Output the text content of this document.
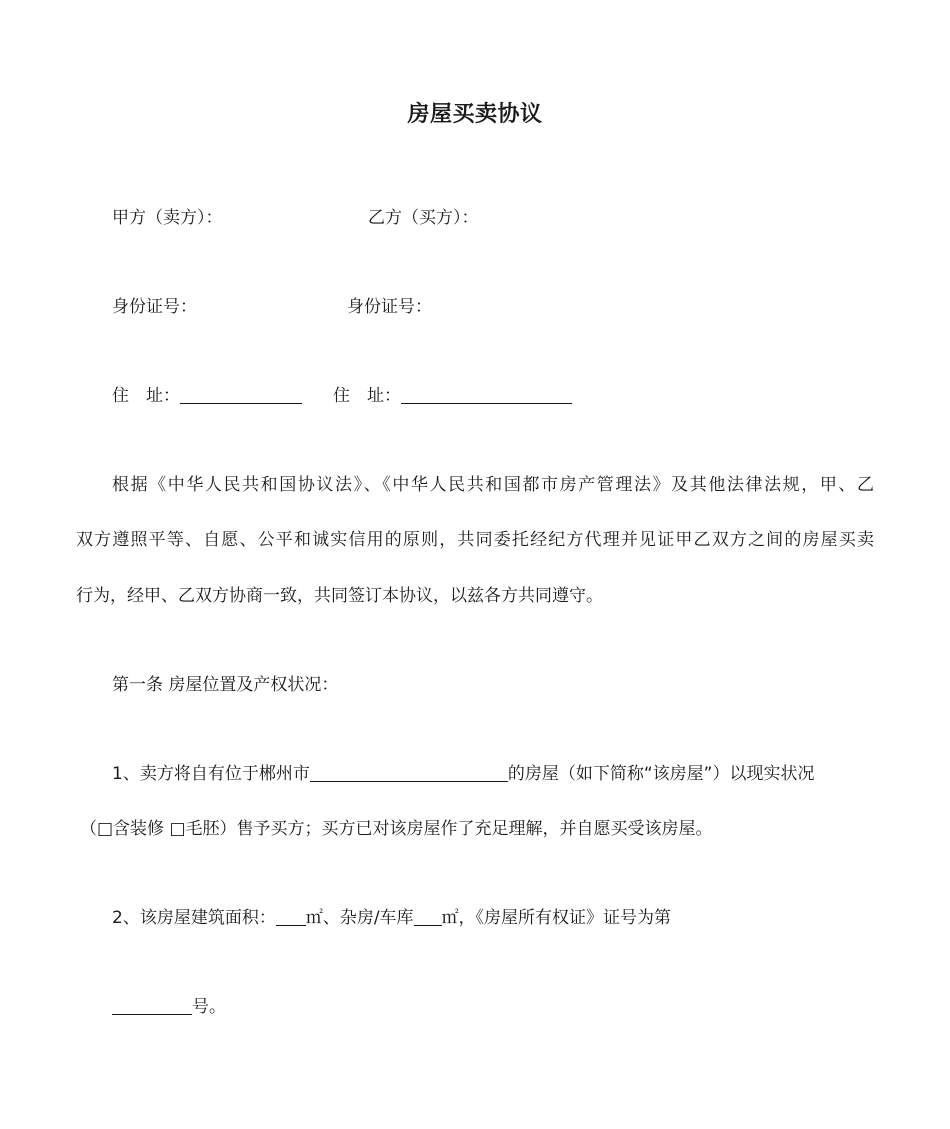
房屋买卖协议
甲方（卖方）：	乙方（买方）：
身份证号：	身份证号：
住　址：	住　址：
根据《中华人民共和国协议法》、《中华人民共和国都市房产管理法》及其他法律法规，甲、乙
双方遵照平等、自愿、公平和诚实信用的原则，共同委托经纪方代理并见证甲乙双方之间的房屋买卖
行为，经甲、乙双方协商一致，共同签订本协议，以兹各方共同遵守。
第一条 房屋位置及产权状况：
1、卖方将自有位于郴州市	的房屋（如下简称“该房屋”）以现实状况
（□含装修 □毛胚）售予买方；买方已对该房屋作了充足理解，并自愿买受该房屋。
2、该房屋建筑面积： ㎡、杂房/车库 ㎡，《房屋所有权证》证号为第
号。
